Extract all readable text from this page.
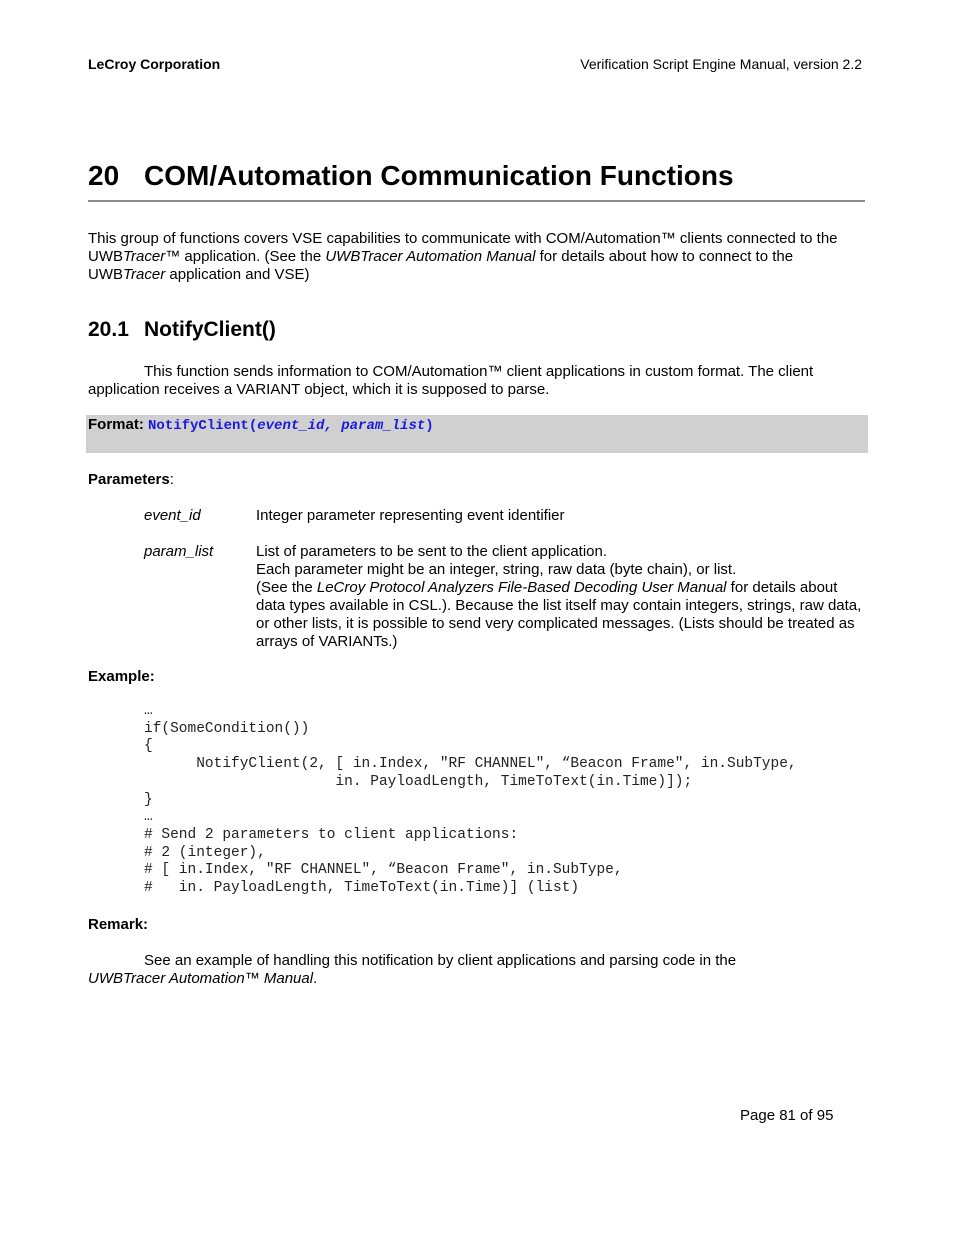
LeCroy Corporation	Verification Script Engine Manual, version 2.2
20 COM/Automation Communication Functions
This group of functions covers VSE capabilities to communicate with COM/Automation™ clients connected to the UWBTracer™ application. (See the UWBTracer Automation Manual for details about how to connect to the UWBTracer application and VSE)
20.1 NotifyClient()
This function sends information to COM/Automation™ client applications in custom format. The client application receives a VARIANT object, which it is supposed to parse.
Format: NotifyClient(event_id, param_list)
Parameters:
event_id	Integer parameter representing event identifier
param_list	List of parameters to be sent to the client application.
Each parameter might be an integer, string, raw data (byte chain), or list.
(See the LeCroy Protocol Analyzers File-Based Decoding User Manual for details about data types available in CSL.). Because the list itself may contain integers, strings, raw data, or other lists, it is possible to send very complicated messages. (Lists should be treated as arrays of VARIANTs.)
Example:
…
if(SomeCondition())
{
NotifyClient(2, [ in.Index, "RF CHANNEL", “Beacon Frame", in.SubType,
in. PayloadLength, TimeToText(in.Time)]);
}
…
# Send 2 parameters to client applications:
# 2 (integer),
# [ in.Index, "RF CHANNEL", “Beacon Frame", in.SubType,
#   in. PayloadLength, TimeToText(in.Time)] (list)
Remark:
See an example of handling this notification by client applications and parsing code in the
UWBTracer Automation™ Manual.
Page 81 of 95
